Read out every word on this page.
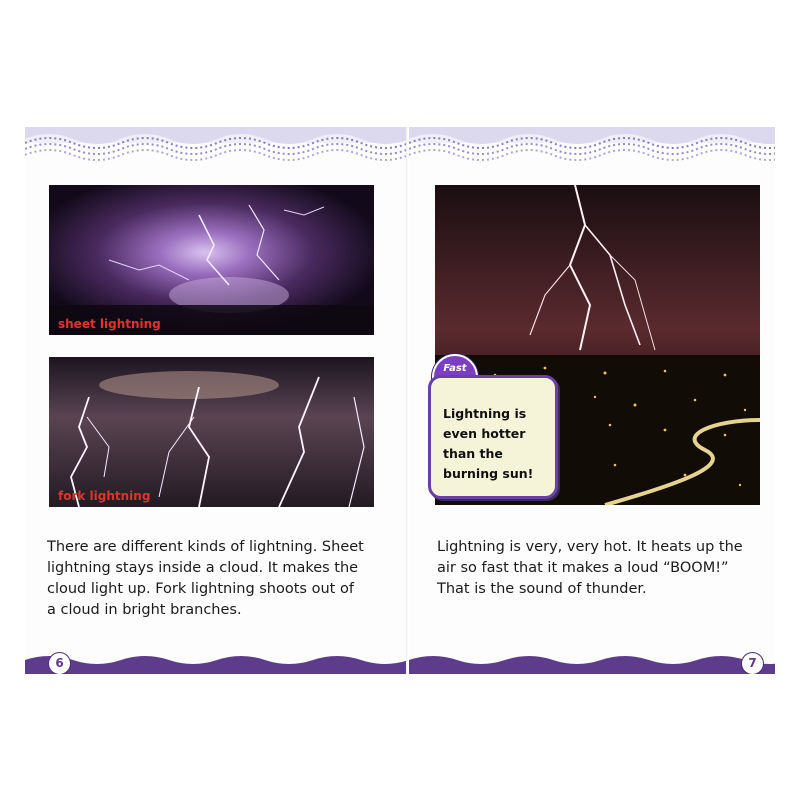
sheet lightning
fork lightning

There are different kinds of lightning. Sheet lightning stays inside a cloud. It makes the cloud light up. Fork lightning shoots out of a cloud in bright branches.

6
Fast

Lightning is even hotter than the burning sun!

Lightning is very, very hot. It heats up the air so fast that it makes a loud “BOOM!” That is the sound of thunder.

7
